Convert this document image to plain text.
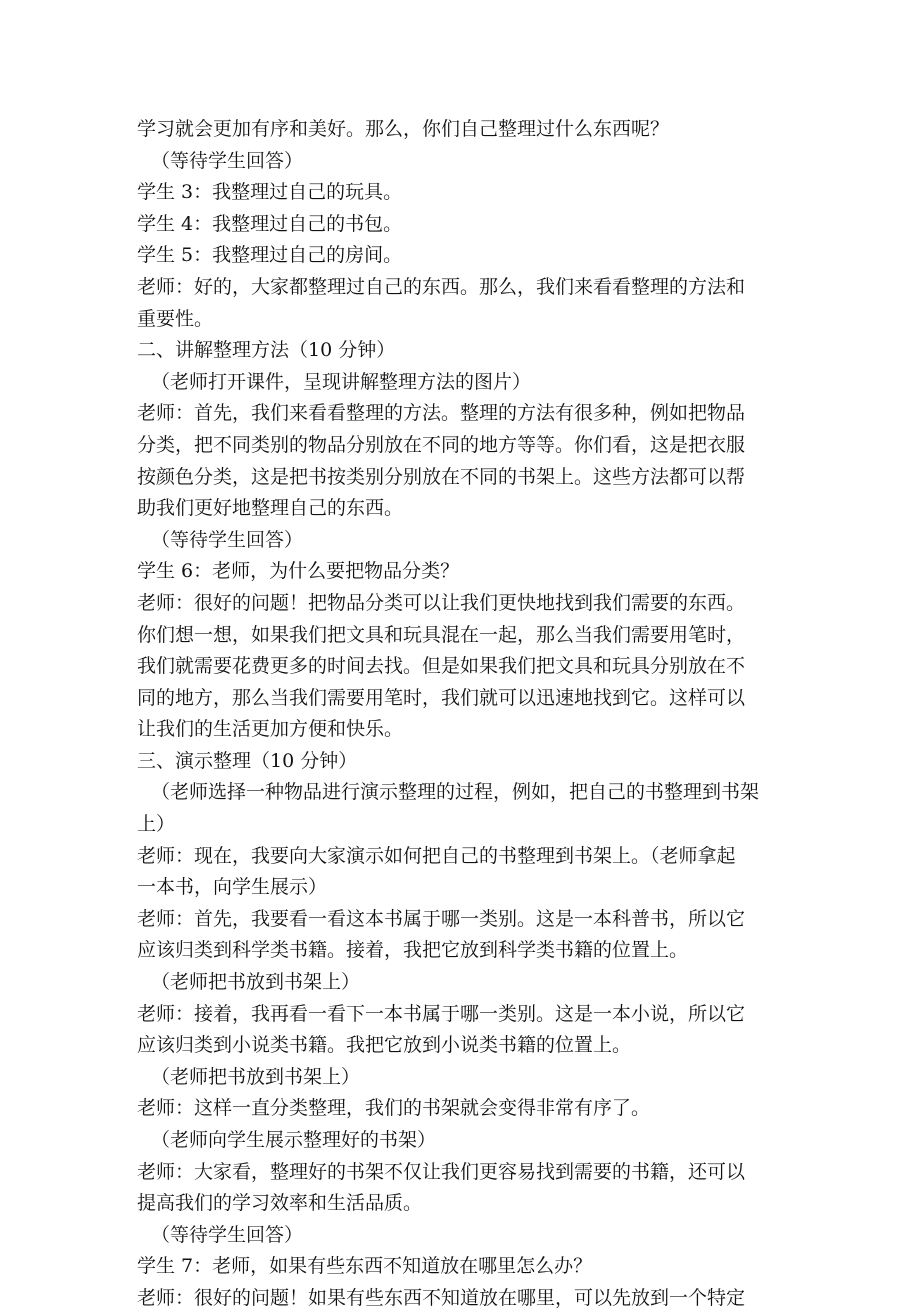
学习就会更加有序和美好。那么，你们自己整理过什么东西呢？
（等待学生回答）
学生 3：我整理过自己的玩具。
学生 4：我整理过自己的书包。
学生 5：我整理过自己的房间。
老师：好的，大家都整理过自己的东西。那么，我们来看看整理的方法和
重要性。
二、讲解整理方法（10 分钟）
（老师打开课件，呈现讲解整理方法的图片）
老师：首先，我们来看看整理的方法。整理的方法有很多种，例如把物品
分类，把不同类别的物品分别放在不同的地方等等。你们看，这是把衣服
按颜色分类，这是把书按类别分别放在不同的书架上。这些方法都可以帮
助我们更好地整理自己的东西。
（等待学生回答）
学生 6：老师，为什么要把物品分类？
老师：很好的问题！把物品分类可以让我们更快地找到我们需要的东西。
你们想一想，如果我们把文具和玩具混在一起，那么当我们需要用笔时，
我们就需要花费更多的时间去找。但是如果我们把文具和玩具分别放在不
同的地方，那么当我们需要用笔时，我们就可以迅速地找到它。这样可以
让我们的生活更加方便和快乐。
三、演示整理（10 分钟）
（老师选择一种物品进行演示整理的过程，例如，把自己的书整理到书架
上）
老师：现在，我要向大家演示如何把自己的书整理到书架上。（老师拿起
一本书，向学生展示）
老师：首先，我要看一看这本书属于哪一类别。这是一本科普书，所以它
应该归类到科学类书籍。接着，我把它放到科学类书籍的位置上。
（老师把书放到书架上）
老师：接着，我再看一看下一本书属于哪一类别。这是一本小说，所以它
应该归类到小说类书籍。我把它放到小说类书籍的位置上。
（老师把书放到书架上）
老师：这样一直分类整理，我们的书架就会变得非常有序了。
（老师向学生展示整理好的书架）
老师：大家看，整理好的书架不仅让我们更容易找到需要的书籍，还可以
提高我们的学习效率和生活品质。
（等待学生回答）
学生 7：老师，如果有些东西不知道放在哪里怎么办？
老师：很好的问题！如果有些东西不知道放在哪里，可以先放到一个特定
